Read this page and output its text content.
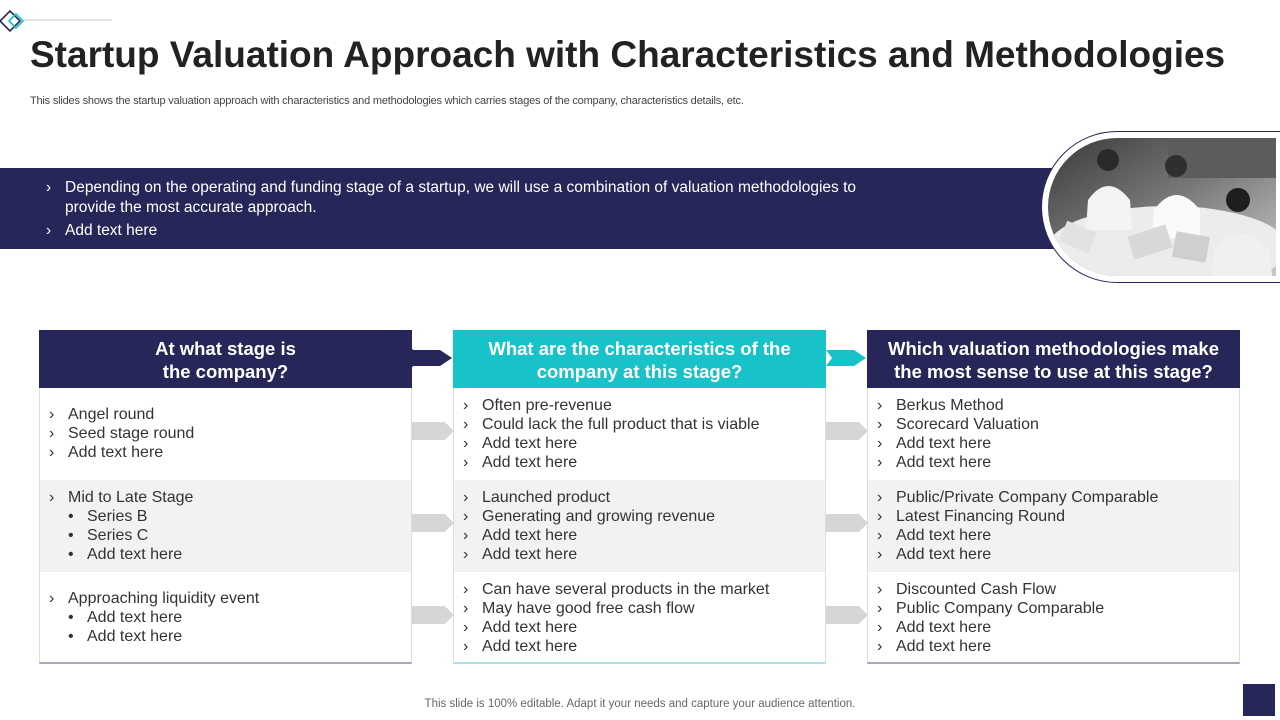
Startup Valuation Approach with Characteristics and Methodologies

This slides shows the startup valuation approach with characteristics and methodologies which carries stages of the company, characteristics details, etc.

› Depending on the operating and funding stage of a startup, we will use a combination of valuation methodologies to provide the most accurate approach.
› Add text here
At what stage is
the company?
What are the characteristics of the
company at this stage?
Which valuation methodologies make
the most sense to use at this stage?
› Angel round
› Seed stage round
› Add text here
› Mid to Late Stage
• Series B
• Series C
• Add text here
› Approaching liquidity event
• Add text here
• Add text here
› Often pre-revenue
› Could lack the full product that is viable
› Add text here
› Add text here
› Launched product
› Generating and growing revenue
› Add text here
› Add text here
› Can have several products in the market
› May have good free cash flow
› Add text here
› Add text here
› Berkus Method
› Scorecard Valuation
› Add text here
› Add text here
› Public/Private Company Comparable
› Latest Financing Round
› Add text here
› Add text here
› Discounted Cash Flow
› Public Company Comparable
› Add text here
› Add text here

This slide is 100% editable. Adapt it your needs and capture your audience attention.
